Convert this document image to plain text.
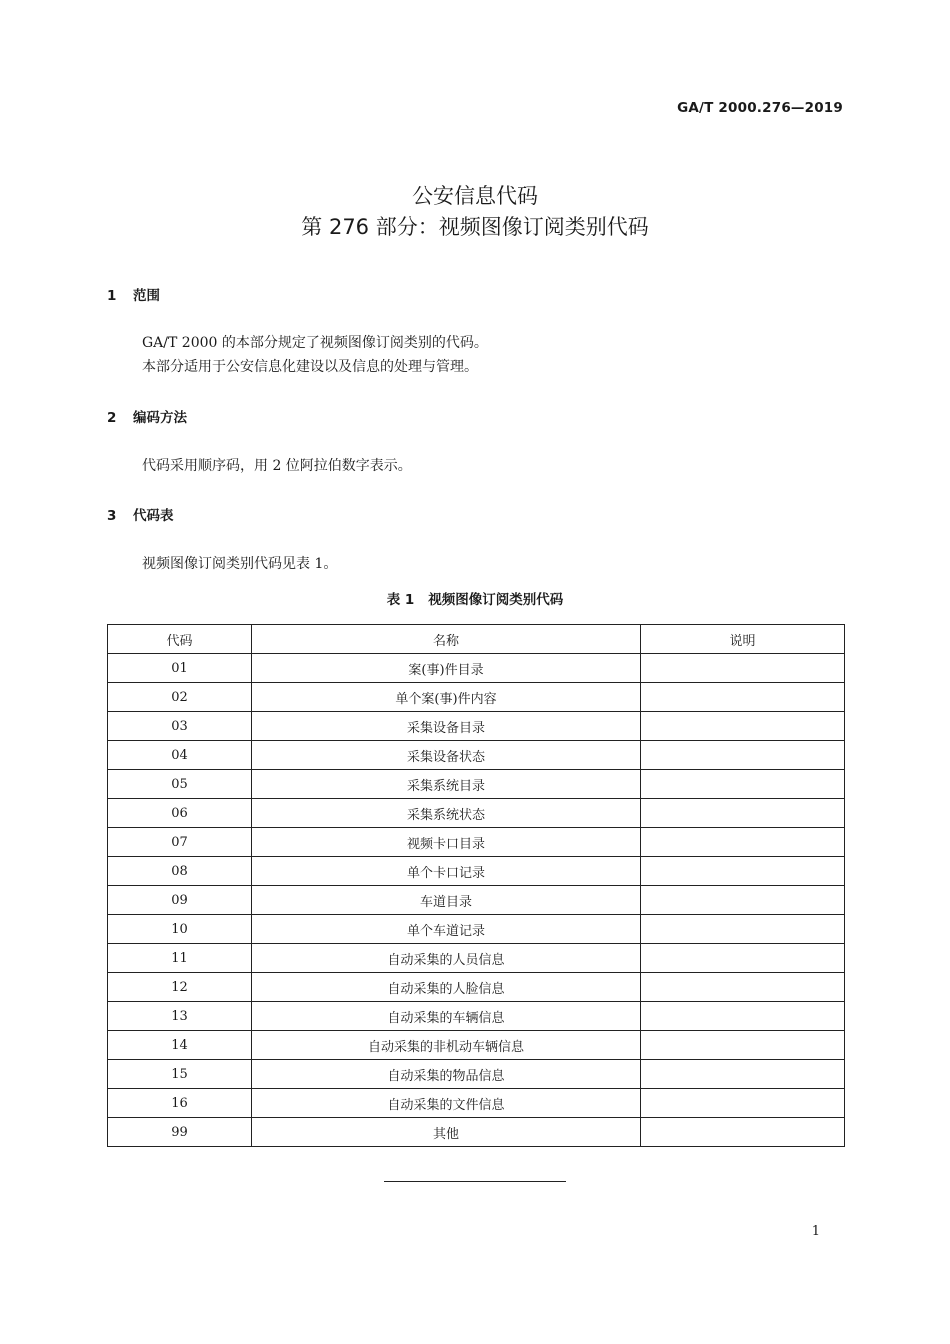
GA/T 2000.276—2019
公安信息代码
第 276 部分：视频图像订阅类别代码
1 范围
GA/T 2000 的本部分规定了视频图像订阅类别的代码。
本部分适用于公安信息化建设以及信息的处理与管理。
2 编码方法
代码采用顺序码，用 2 位阿拉伯数字表示。
3 代码表
视频图像订阅类别代码见表 1。
表 1 视频图像订阅类别代码
代码	名称	说明
01	案(事)件目录	
02	单个案(事)件内容	
03	采集设备目录	
04	采集设备状态	
05	采集系统目录	
06	采集系统状态	
07	视频卡口目录	
08	单个卡口记录	
09	车道目录	
10	单个车道记录	
11	自动采集的人员信息	
12	自动采集的人脸信息	
13	自动采集的车辆信息	
14	自动采集的非机动车辆信息	
15	自动采集的物品信息	
16	自动采集的文件信息	
99	其他	
1
